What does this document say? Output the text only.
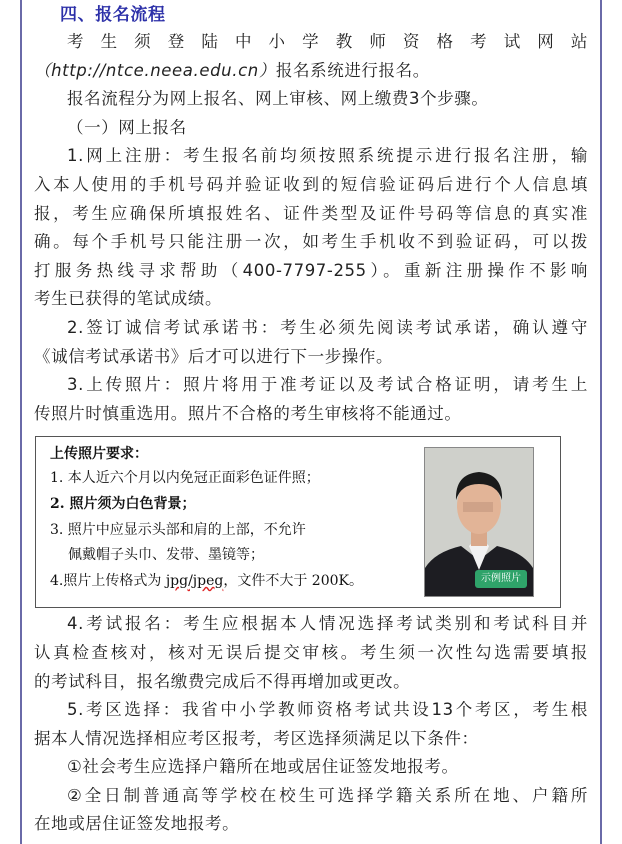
四、报名流程

考生须登陆中小学教师资格考试网站

（http://ntce.neea.edu.cn）报名系统进行报名。

报名流程分为网上报名、网上审核、网上缴费3个步骤。

（一）网上报名

1.网上注册：考生报名前均须按照系统提示进行报名注册，输

入本人使用的手机号码并验证收到的短信验证码后进行个人信息填

报，考生应确保所填报姓名、证件类型及证件号码等信息的真实准

确。每个手机号只能注册一次，如考生手机收不到验证码，可以拨

打服务热线寻求帮助（400-7797-255）。重新注册操作不影响

考生已获得的笔试成绩。

2.签订诚信考试承诺书：考生必须先阅读考试承诺，确认遵守

《诚信考试承诺书》后才可以进行下一步操作。

3.上传照片：照片将用于准考证以及考试合格证明，请考生上

传照片时慎重选用。照片不合格的考生审核将不能通过。

4.考试报名：考生应根据本人情况选择考试类别和考试科目并

认真检查核对，核对无误后提交审核。考生须一次性勾选需要填报

的考试科目，报名缴费完成后不得再增加或更改。

5.考区选择：我省中小学教师资格考试共设13个考区，考生根

据本人情况选择相应考区报考，考区选择须满足以下条件：

①社会考生应选择户籍所在地或居住证签发地报考。

②全日制普通高等学校在校生可选择学籍关系所在地、户籍所

在地或居住证签发地报考。

上传照片要求：
1. 本人近六个月以内免冠正面彩色证件照；
2. 照片须为白色背景；
3. 照片中应显示头部和肩的上部，不允许
佩戴帽子头巾、发带、墨镜等；
4.照片上传格式为 jpg/jpeg，文件不大于 200K。	示例照片
